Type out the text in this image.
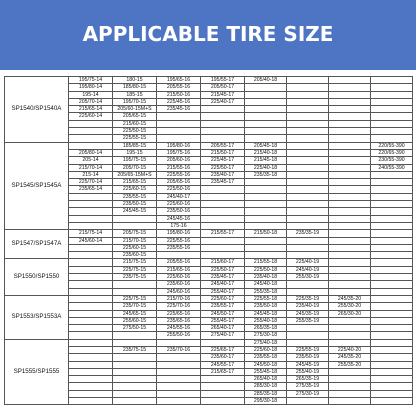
APPLICABLE TIRE SIZE
SP1540/SP1540A	195/75-14	180-15	195/65-16	195/55-17	205/40-18			
	195/80-14	185/80-15	205/55-16	205/50-17				
	195-14	185-15	215/50-16	215/45-17				
	205/70-14	195/70-15	225/45-16	225/40-17				
	215/65-14	205/60-15M+S	235/45-16					
	225/60-14	205/65-15						
		215/60-15						
		225/50-15						
		225/55-15						
SP1545/SP1545A		185/85-15	195/80-16	205/55-17	205/45-18			220/55-390
	205/80-14	195-15	195/75-16	215/50-17	215/40-18			220/65-390
	205-14	195/75-15	205/60-16	225/45-17	215/45-18			230/55-390
	215/70-14	205/70-15	215/55-16	225/50-17	225/40-18			240/55-390
	215-14	205/65-15M+S	225/55-16	235/40-17	235/35-18			
	225/70-14	215/65-15	205/65-16	235/45-17				
	235/65-14	225/60-15	225/50-16					
		235/55-15	245/40-17					
		235/50-15	225/60-16					
		245/45-15	235/50-16					
			245/45-16					
			175-16					
SP1547/SP1547A	215/75-14	205/75-15	195/80-16	215/55-17	215/50-18	235/35-19		
	245/60-14	215/70-15	225/55-16					
		225/60-15	235/55-16					
		235/60-15						
SP1550/SP1550		215/75-15	205/55-16	215/60-17	215/55-18	225/40-19		
		225/75-15	215/65-16	225/50-17	225/50-18	245/40-19		
		235/75-15	225/60-16	235/45-17	235/40-18	255/30-19		
			235/60-16	245/40-17	245/40-18			
			245/60-16	255/40-17	255/35-18			
SP1553/SP1553A		225/75-15	215/70-16	225/60-17	225/55-18	225/35-19	245/35-20	
		235/70-15	225/70-16	235/55-17	235/50-18	235/40-19	255/30-20	
		245/65-15	225/65-16	245/50-17	245/45-18	245/35-19	265/30-20	
		255/60-15	235/65-16	255/45-17	255/40-18	255/35-19		
		275/50-15	245/55-16	265/40-17	265/35-18			
			255/50-16	275/40-17	275/30-18			
SP1555/SP1555					275/40-18			
		235/75-15	235/70-16	225/65-17	225/60-18	225/55-19	225/40-20	
				235/60-17	235/55-18	235/50-19	245/35-20	
				245/55-17	245/50-18	245/45-19	255/35-20	
				215/65-17	255/45-18	255/40-19		
					265/40-18	265/35-19		
					285/30-18	275/35-19		
					285/35-18	275/30-19		
					295/30-18			
